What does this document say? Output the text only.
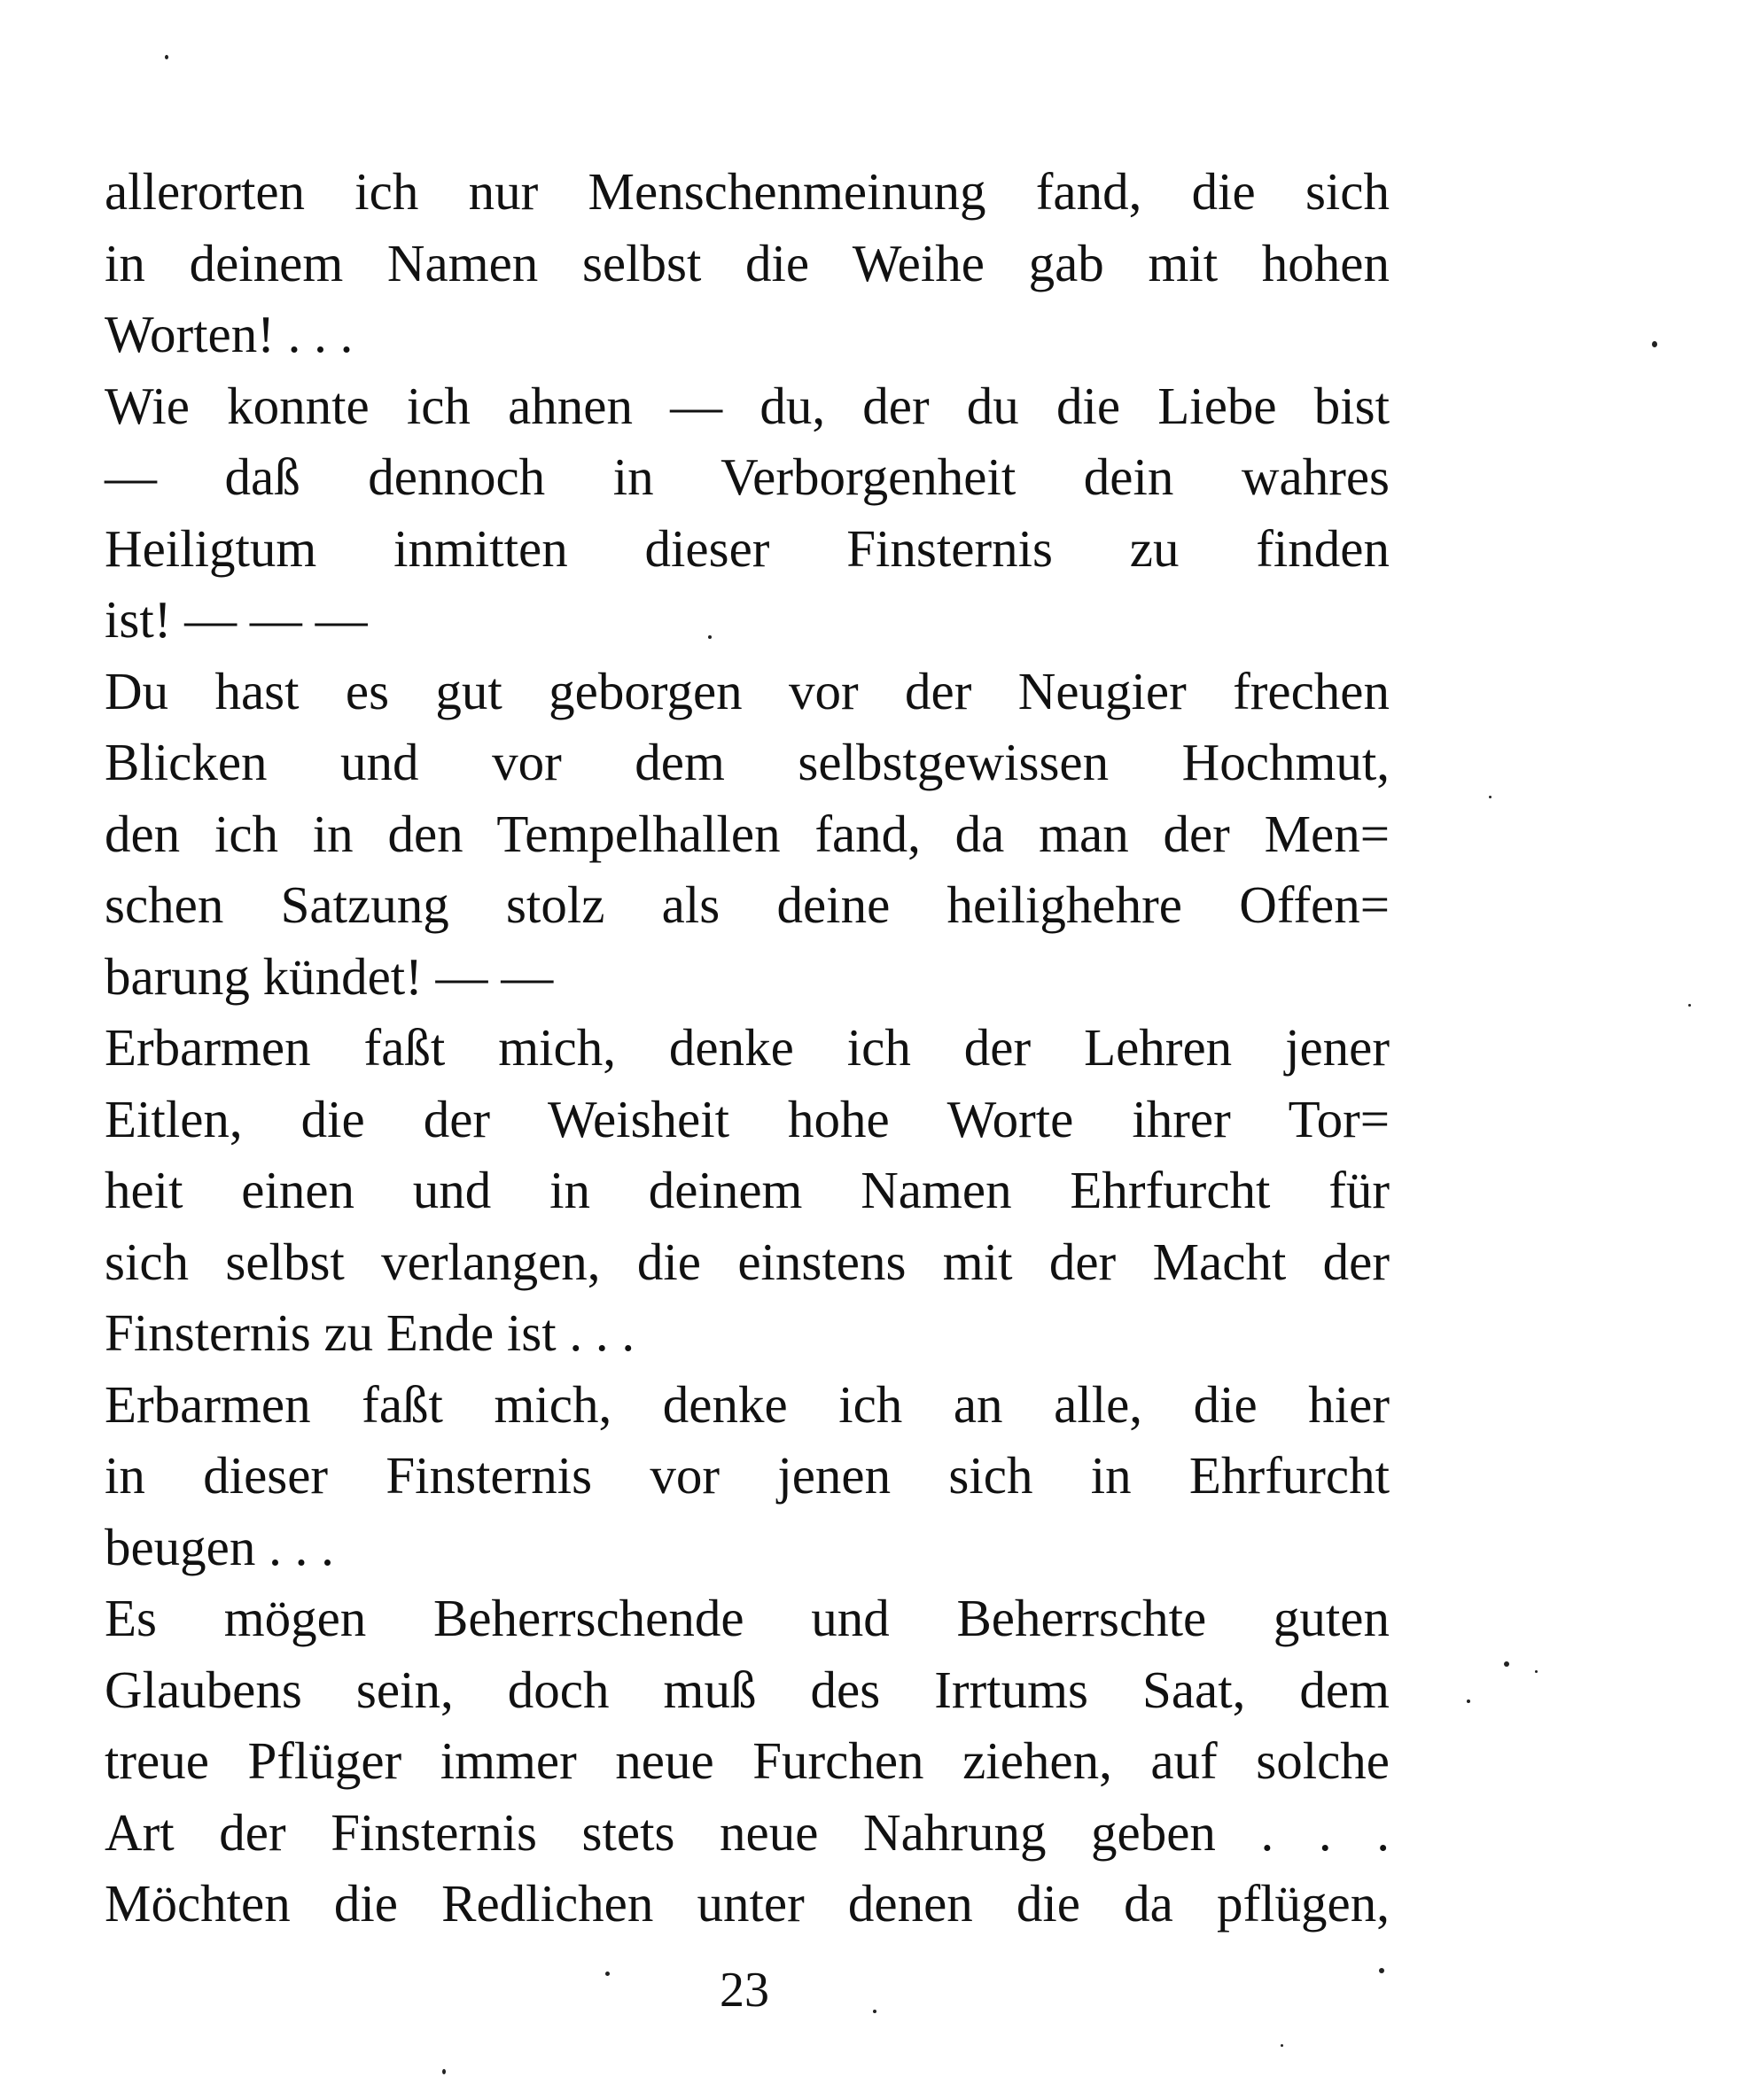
allerorten ich nur Menschenmeinung fand, die sich
in deinem Namen selbst die Weihe gab mit hohen
Worten! . . .
Wie konnte ich ahnen — du, der du die Liebe bist
— daß dennoch in Verborgenheit dein wahres
Heiligtum inmitten dieser Finsternis zu finden
ist! — — —
Du hast es gut geborgen vor der Neugier frechen
Blicken und vor dem selbstgewissen Hochmut,
den ich in den Tempelhallen fand, da man der Men=
schen Satzung stolz als deine heilighehre Offen=
barung kündet! — —
Erbarmen faßt mich, denke ich der Lehren jener
Eitlen, die der Weisheit hohe Worte ihrer Tor=
heit einen und in deinem Namen Ehrfurcht für
sich selbst verlangen, die einstens mit der Macht der
Finsternis zu Ende ist . . .
Erbarmen faßt mich, denke ich an alle, die hier
in dieser Finsternis vor jenen sich in Ehrfurcht
beugen . . .
Es mögen Beherrschende und Beherrschte guten
Glaubens sein, doch muß des Irrtums Saat, dem
treue Pflüger immer neue Furchen ziehen, auf solche
Art der Finsternis stets neue Nahrung geben . . .
Möchten die Redlichen unter denen die da pflügen,
23
